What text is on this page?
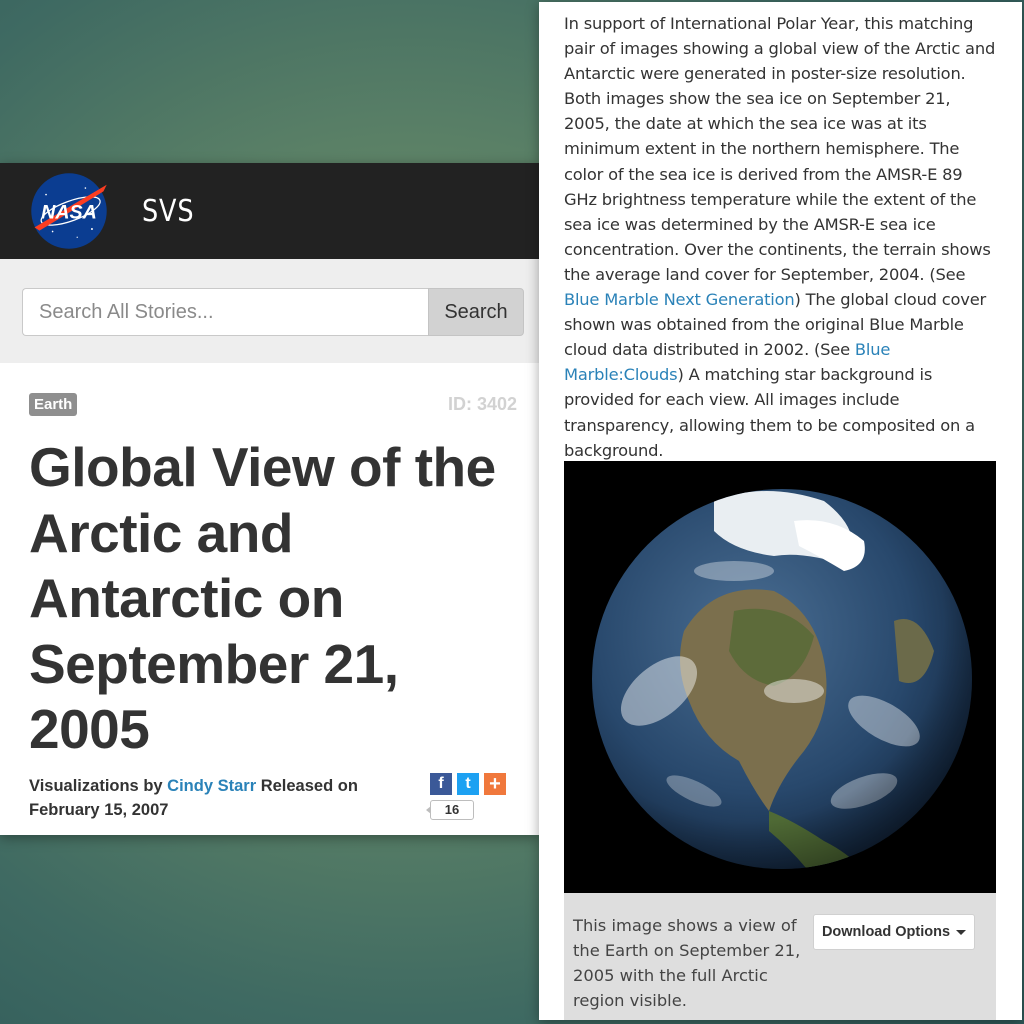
NASA SVS
Search All Stories...
Search
Earth	ID: 3402
Global View of the Arctic and Antarctic on September 21, 2005
Visualizations by Cindy Starr Released on February 15, 2007
f	t +
16
In support of International Polar Year, this matching pair of images showing a global view of the Arctic and Antarctic were generated in poster-size resolution. Both images show the sea ice on September 21, 2005, the date at which the sea ice was at its minimum extent in the northern hemisphere. The color of the sea ice is derived from the AMSR-E 89 GHz brightness temperature while the extent of the sea ice was determined by the AMSR-E sea ice concentration. Over the continents, the terrain shows the average land cover for September, 2004. (See Blue Marble Next Generation) The global cloud cover shown was obtained from the original Blue Marble cloud data distributed in 2002. (See Blue Marble:Clouds) A matching star background is provided for each view. All images include transparency, allowing them to be composited on a background.
This image shows a view of the Earth on September 21, 2005 with the full Arctic region visible.
Download Options
